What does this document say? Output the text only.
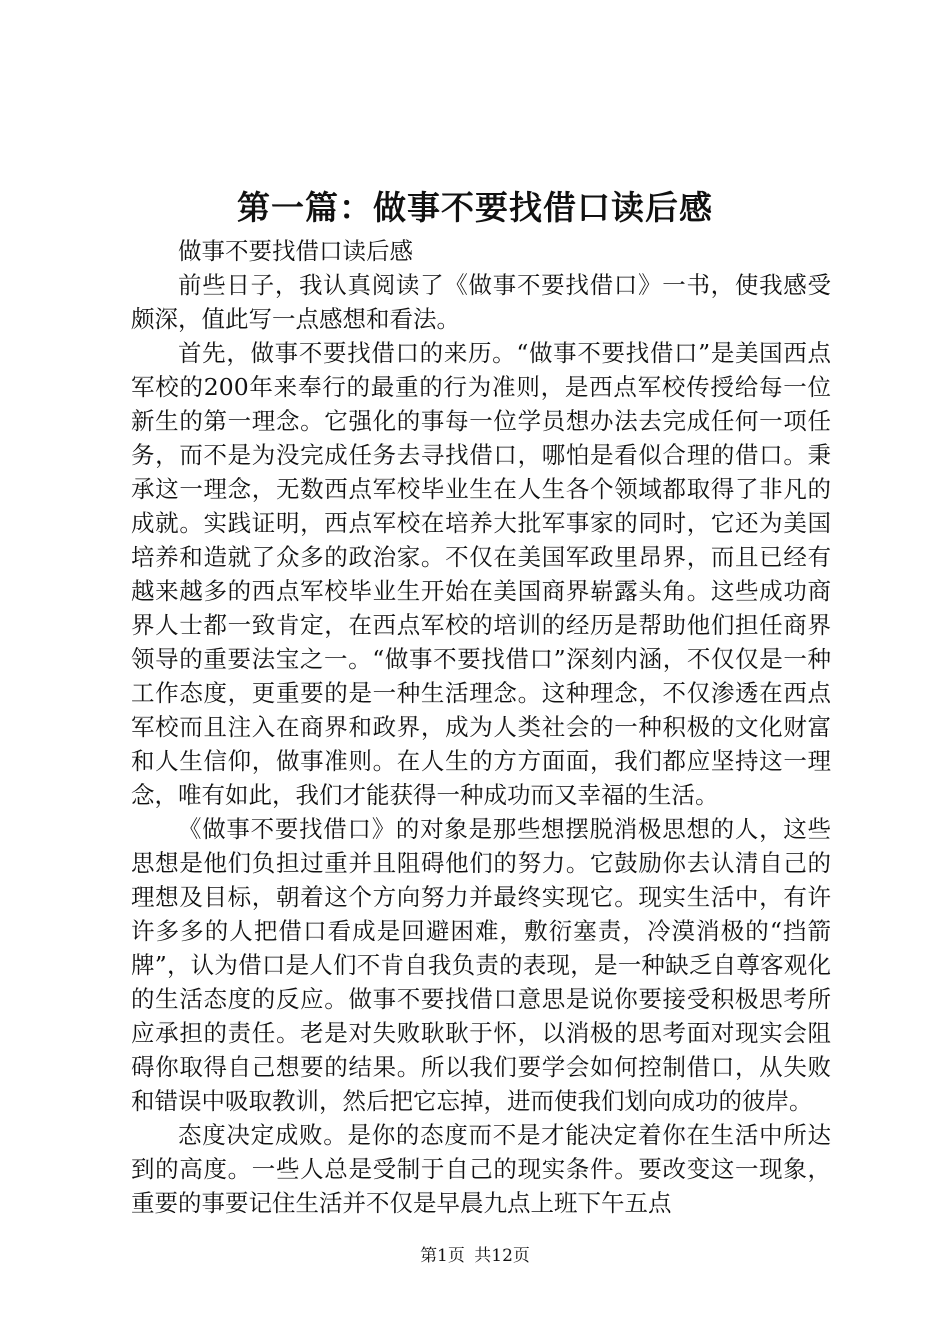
第一篇：做事不要找借口读后感

做事不要找借口读后感

前些日子，我认真阅读了《做事不要找借口》一书，使我感受颇深，值此写一点感想和看法。

首先，做事不要找借口的来历。“做事不要找借口”是美国西点军校的200年来奉行的最重的行为准则，是西点军校传授给每一位新生的第一理念。它强化的事每一位学员想办法去完成任何一项任务，而不是为没完成任务去寻找借口，哪怕是看似合理的借口。秉承这一理念，无数西点军校毕业生在人生各个领域都取得了非凡的成就。实践证明，西点军校在培养大批军事家的同时，它还为美国培养和造就了众多的政治家。不仅在美国军政里昂界，而且已经有越来越多的西点军校毕业生开始在美国商界崭露头角。这些成功商界人士都一致肯定，在西点军校的培训的经历是帮助他们担任商界领导的重要法宝之一。“做事不要找借口”深刻内涵，不仅仅是一种工作态度，更重要的是一种生活理念。这种理念，不仅渗透在西点军校而且注入在商界和政界，成为人类社会的一种积极的文化财富和人生信仰，做事准则。在人生的方方面面，我们都应坚持这一理念，唯有如此，我们才能获得一种成功而又幸福的生活。

《做事不要找借口》的对象是那些想摆脱消极思想的人，这些思想是他们负担过重并且阻碍他们的努力。它鼓励你去认清自己的理想及目标，朝着这个方向努力并最终实现它。现实生活中，有许许多多的人把借口看成是回避困难，敷衍塞责，冷漠消极的“挡箭牌”，认为借口是人们不肯自我负责的表现，是一种缺乏自尊客观化的生活态度的反应。做事不要找借口意思是说你要接受积极思考所应承担的责任。老是对失败耿耿于怀，以消极的思考面对现实会阻碍你取得自己想要的结果。所以我们要学会如何控制借口，从失败和错误中吸取教训，然后把它忘掉，进而使我们划向成功的彼岸。

态度决定成败。是你的态度而不是才能决定着你在生活中所达到的高度。一些人总是受制于自己的现实条件。要改变这一现象，重要的事要记住生活并不仅是早晨九点上班下午五点

第1页 共12页
